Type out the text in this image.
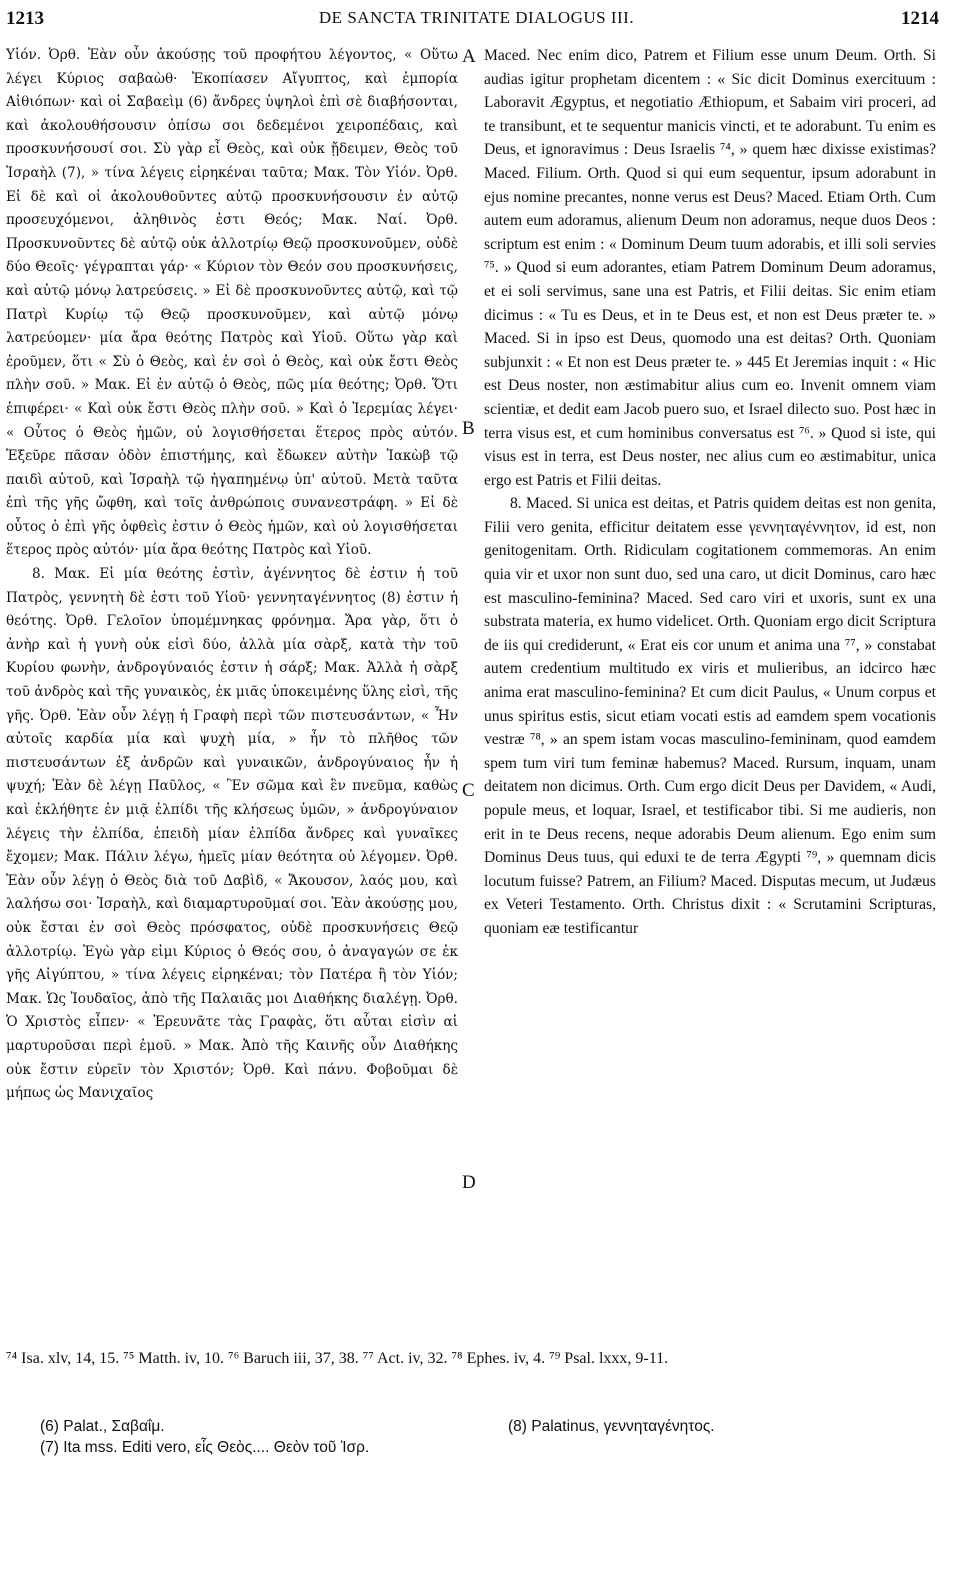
1213	DE SANCTA TRINITATE DIALOGUS III.	1214

Υἱόν. Ὀρθ. Ἐὰν οὖν ἀκούσῃς τοῦ προφήτου λέγοντος, « Οὕτω λέγει Κύριος σαβαὼθ· Ἐκοπίασεν Αἴγυπτος, καὶ ἐμπορία Αἰθιόπων· καὶ οἱ Σαβαεὶμ (6) ἄνδρες ὑψηλοὶ ἐπὶ σὲ διαβήσονται, καὶ ἀκολουθήσουσιν ὀπίσω σοι δεδεμένοι χειροπέδαις, καὶ προσκυνήσουσί σοι. Σὺ γὰρ εἶ Θεὸς, καὶ οὐκ ᾔδειμεν, Θεὸς τοῦ Ἰσραὴλ (7), » τίνα λέγεις εἰρηκέναι ταῦτα; Μακ. Τὸν Υἱόν. Ὀρθ. Εἰ δὲ καὶ οἱ ἀκολουθοῦντες αὐτῷ προσκυνήσουσιν ἐν αὐτῷ προσευχόμενοι, ἀληθινὸς ἐστι Θεός; Μακ. Ναί. Ὀρθ. Προσκυνοῦντες δὲ αὐτῷ οὐκ ἀλλοτρίῳ Θεῷ προσκυνοῦμεν, οὐδὲ δύο Θεοῖς· γέγραπται γάρ· « Κύριον τὸν Θεόν σου προσκυνήσεις, καὶ αὐτῷ μόνῳ λατρεύσεις. » Εἰ δὲ προσκυνοῦντες αὐτῷ, καὶ τῷ Πατρὶ Κυρίῳ τῷ Θεῷ προσκυνοῦμεν, καὶ αὐτῷ μόνῳ λατρεύομεν· μία ἄρα θεότης Πατρὸς καὶ Υἱοῦ. Οὕτω γὰρ καὶ ἐροῦμεν, ὅτι « Σὺ ὁ Θεὸς, καὶ ἐν σοὶ ὁ Θεὸς, καὶ οὐκ ἔστι Θεὸς πλὴν σοῦ. » Μακ. Εἰ ἐν αὐτῷ ὁ Θεὸς, πῶς μία θεότης; Ὀρθ. Ὅτι ἐπιφέρει· « Καὶ οὐκ ἔστι Θεὸς πλὴν σοῦ. » Καὶ ὁ Ἱερεμίας λέγει· « Οὗτος ὁ Θεὸς ἡμῶν, οὐ λογισθήσεται ἕτερος πρὸς αὐτόν. Ἐξεῦρε πᾶσαν ὁδὸν ἐπιστήμης, καὶ ἔδωκεν αὐτὴν Ἰακὼβ τῷ παιδὶ αὐτοῦ, καὶ Ἰσραὴλ τῷ ἠγαπημένῳ ὑπ' αὐτοῦ. Μετὰ ταῦτα ἐπὶ τῆς γῆς ὤφθη, καὶ τοῖς ἀνθρώποις συνανεστράφη. » Εἰ δὲ οὗτος ὁ ἐπὶ γῆς ὀφθεὶς ἐστιν ὁ Θεὸς ἡμῶν, καὶ οὐ λογισθήσεται ἕτερος πρὸς αὐτόν· μία ἄρα θεότης Πατρὸς καὶ Υἱοῦ.

8. Μακ. Εἰ μία θεότης ἐστὶν, ἀγέννητος δὲ ἐστιν ἡ τοῦ Πατρὸς, γεννητὴ δὲ ἐστι τοῦ Υἱοῦ· γεννηταγέννητος (8) ἐστιν ἡ θεότης. Ὀρθ. Γελοῖον ὑπομέμνηκας φρόνημα. Ἄρα γὰρ, ὅτι ὁ ἀνὴρ καὶ ἡ γυνὴ οὐκ εἰσὶ δύο, ἀλλὰ μία σὰρξ, κατὰ τὴν τοῦ Κυρίου φωνὴν, ἀνδρογύναιός ἐστιν ἡ σάρξ; Μακ. Ἀλλὰ ἡ σὰρξ τοῦ ἀνδρὸς καὶ τῆς γυναικὸς, ἐκ μιᾶς ὑποκειμένης ὕλης εἰσὶ, τῆς γῆς. Ὀρθ. Ἐὰν οὖν λέγῃ ἡ Γραφὴ περὶ τῶν πιστευσάντων, « Ἦν αὐτοῖς καρδία μία καὶ ψυχὴ μία, » ἦν τὸ πλῆθος τῶν πιστευσάντων ἐξ ἀνδρῶν καὶ γυναικῶν, ἀνδρογύναιος ἦν ἡ ψυχή; Ἐὰν δὲ λέγῃ Παῦλος, « Ἓν σῶμα καὶ ἓν πνεῦμα, καθὼς καὶ ἐκλήθητε ἐν μιᾷ ἐλπίδι τῆς κλήσεως ὑμῶν, » ἀνδρογύναιον λέγεις τὴν ἐλπίδα, ἐπειδὴ μίαν ἐλπίδα ἄνδρες καὶ γυναῖκες ἔχομεν; Μακ. Πάλιν λέγω, ἡμεῖς μίαν θεότητα οὐ λέγομεν. Ὀρθ. Ἐὰν οὖν λέγῃ ὁ Θεὸς διὰ τοῦ Δαβὶδ, « Ἄκουσον, λαός μου, καὶ λαλήσω σοι· Ἰσραὴλ, καὶ διαμαρτυροῦμαί σοι. Ἐὰν ἀκούσῃς μου, οὐκ ἔσται ἐν σοὶ Θεὸς πρόσφατος, οὐδὲ προσκυνήσεις Θεῷ ἀλλοτρίῳ. Ἐγὼ γὰρ εἰμι Κύριος ὁ Θεός σου, ὁ ἀναγαγών σε ἐκ γῆς Αἰγύπτου, » τίνα λέγεις εἰρηκέναι; τὸν Πατέρα ἢ τὸν Υἱόν; Μακ. Ὡς Ἰουδαῖος, ἀπὸ τῆς Παλαιᾶς μοι Διαθήκης διαλέγῃ. Ὀρθ. Ὁ Χριστὸς εἶπεν· « Ἐρευνᾶτε τὰς Γραφὰς, ὅτι αὗται εἰσὶν αἱ μαρτυροῦσαι περὶ ἐμοῦ. » Μακ. Ἀπὸ τῆς Καινῆς οὖν Διαθήκης οὐκ ἔστιν εὑρεῖν τὸν Χριστόν; Ὀρθ. Καὶ πάνυ. Φοβοῦμαι δὲ μήπως ὡς Μανιχαῖος

A
B
C
D

Maced. Nec enim dico, Patrem et Filium esse unum Deum. Orth. Si audias igitur prophetam dicentem : « Sic dicit Dominus exercituum : Laboravit Ægyptus, et negotiatio Æthiopum, et Sabaim viri proceri, ad te transibunt, et te sequentur manicis vincti, et te adorabunt. Tu enim es Deus, et ignoravimus : Deus Israelis ⁷⁴, » quem hæc dixisse existimas? Maced. Filium. Orth. Quod si qui eum sequentur, ipsum adorabunt in ejus nomine precantes, nonne verus est Deus? Maced. Etiam Orth. Cum autem eum adoramus, alienum Deum non adoramus, neque duos Deos : scriptum est enim : « Dominum Deum tuum adorabis, et illi soli servies ⁷⁵. » Quod si eum adorantes, etiam Patrem Dominum Deum adoramus, et ei soli servimus, sane una est Patris, et Filii deitas. Sic enim etiam dicimus : « Tu es Deus, et in te Deus est, et non est Deus præter te. » Maced. Si in ipso est Deus, quomodo una est deitas? Orth. Quoniam subjunxit : « Et non est Deus præter te. » 445 Et Jeremias inquit : « Hic est Deus noster, non æstimabitur alius cum eo. Invenit omnem viam scientiæ, et dedit eam Jacob puero suo, et Israel dilecto suo. Post hæc in terra visus est, et cum hominibus conversatus est ⁷⁶. » Quod si iste, qui visus est in terra, est Deus noster, nec alius cum eo æstimabitur, unica ergo est Patris et Filii deitas.

8. Maced. Si unica est deitas, et Patris quidem deitas est non genita, Filii vero genita, efficitur deitatem esse γεννηταγέννητον, id est, non genitogenitam. Orth. Ridiculam cogitationem commemoras. An enim quia vir et uxor non sunt duo, sed una caro, ut dicit Dominus, caro hæc est masculino-feminina? Maced. Sed caro viri et uxoris, sunt ex una substrata materia, ex humo videlicet. Orth. Quoniam ergo dicit Scriptura de iis qui crediderunt, « Erat eis cor unum et anima una ⁷⁷, » constabat autem credentium multitudo ex viris et mulieribus, an idcirco hæc anima erat masculino-feminina? Et cum dicit Paulus, « Unum corpus et unus spiritus estis, sicut etiam vocati estis ad eamdem spem vocationis vestræ ⁷⁸, » an spem istam vocas masculino-femininam, quod eamdem spem tum viri tum feminæ habemus? Maced. Rursum, inquam, unam deitatem non dicimus. Orth. Cum ergo dicit Deus per Davidem, « Audi, popule meus, et loquar, Israel, et testificabor tibi. Si me audieris, non erit in te Deus recens, neque adorabis Deum alienum. Ego enim sum Dominus Deus tuus, qui eduxi te de terra Ægypti ⁷⁹, » quemnam dicis locutum fuisse? Patrem, an Filium? Maced. Disputas mecum, ut Judæus ex Veteri Testamento. Orth. Christus dixit : « Scrutamini Scripturas, quoniam eæ testificantur

⁷⁴ Isa. xlv, 14, 15. ⁷⁵ Matth. iv, 10. ⁷⁶ Baruch iii, 37, 38. ⁷⁷ Act. iv, 32. ⁷⁸ Ephes. iv, 4. ⁷⁹ Psal. lxxx, 9-11.

(6) Palat., Σαβαΐμ.

(7) Ita mss. Editi vero, εἷς Θεὸς.... Θεὸν τοῦ Ἰσρ.

(8) Palatinus, γεννηταγένητος.
